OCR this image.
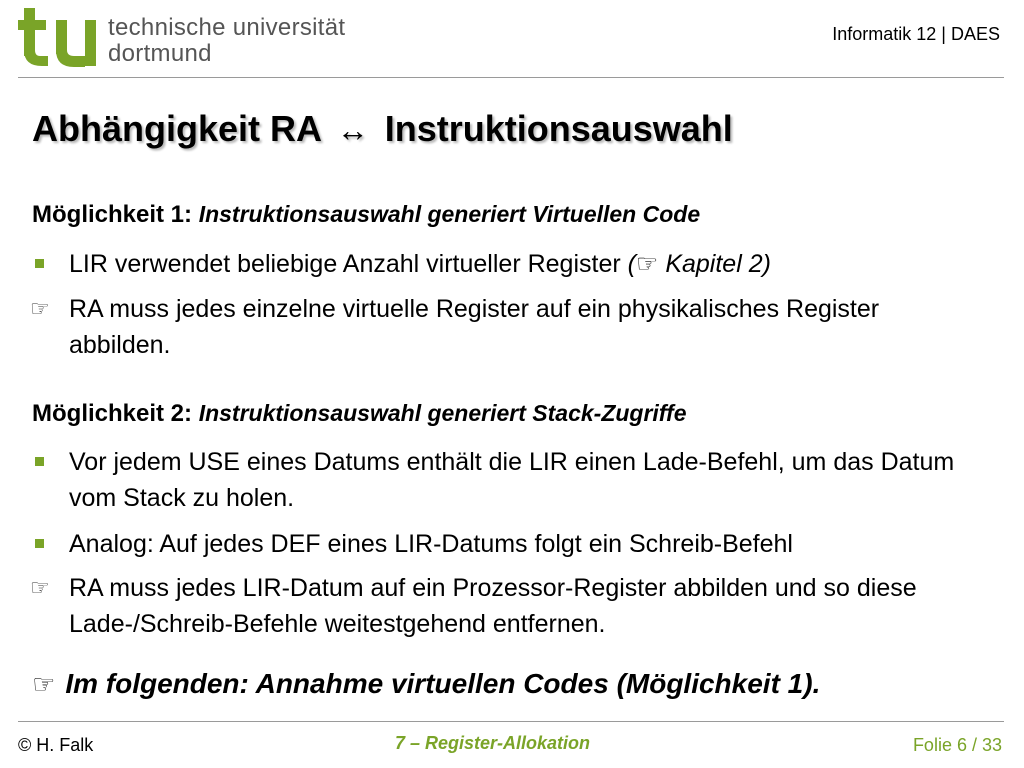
technische universität
dortmund
Informatik 12 | DAES
Abhängigkeit RA ↔ Instruktionsauswahl
Möglichkeit 1: Instruktionsauswahl generiert Virtuellen Code
LIR verwendet beliebige Anzahl virtueller Register (☞ Kapitel 2)
☞ RA muss jedes einzelne virtuelle Register auf ein physikalisches Register abbilden.
Möglichkeit 2: Instruktionsauswahl generiert Stack-Zugriffe
Vor jedem USE eines Datums enthält die LIR einen Lade-Befehl, um das Datum vom Stack zu holen.
Analog: Auf jedes DEF eines LIR-Datums folgt ein Schreib-Befehl
☞ RA muss jedes LIR-Datum auf ein Prozessor-Register abbilden und so diese Lade-/Schreib-Befehle weitestgehend entfernen.
☞ Im folgenden: Annahme virtuellen Codes (Möglichkeit 1).
© H. Falk	7 – Register-Allokation	Folie 6 / 33
